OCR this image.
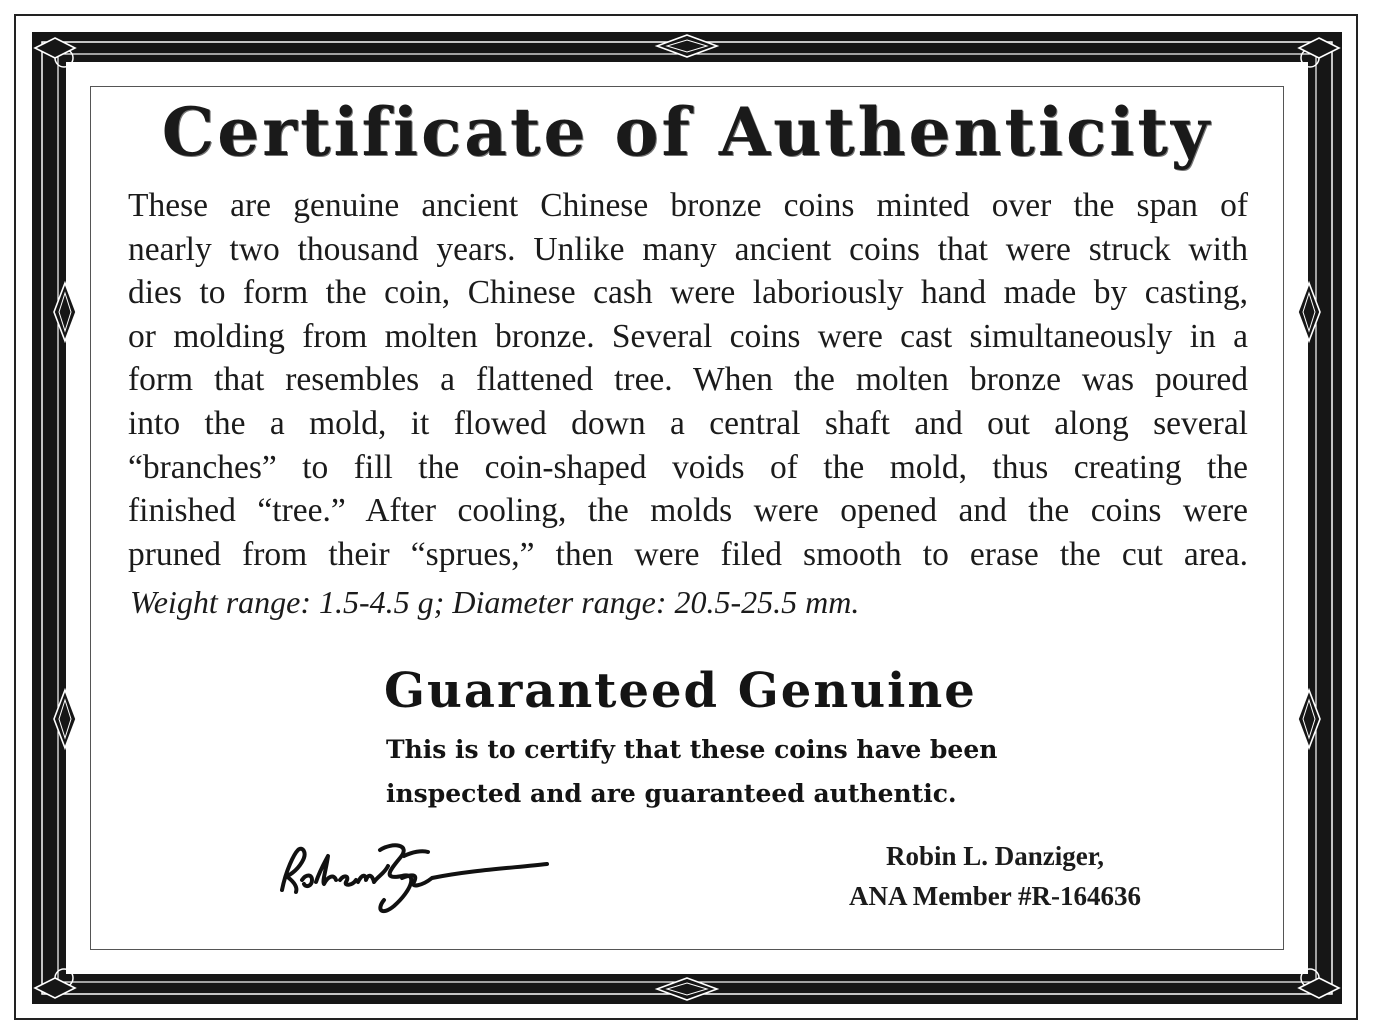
Certificate of Authenticity
These are genuine ancient Chinese bronze coins minted over the span of
nearly two thousand years. Unlike many ancient coins that were struck with
dies to form the coin, Chinese cash were laboriously hand made by casting,
or molding from molten bronze. Several coins were cast simultaneously in a
form that resembles a flattened tree. When the molten bronze was poured
into the a mold, it flowed down a central shaft and out along several
“branches” to fill the coin-shaped voids of the mold, thus creating the
finished “tree.” After cooling, the molds were opened and the coins were
pruned from their “sprues,” then were filed smooth to erase the cut area.
Weight range: 1.5-4.5 g; Diameter range: 20.5-25.5 mm.
Guaranteed Genuine
This is to certify that these coins have been
inspected and are guaranteed authentic.
Robin L. Danziger,
ANA Member #R-164636
